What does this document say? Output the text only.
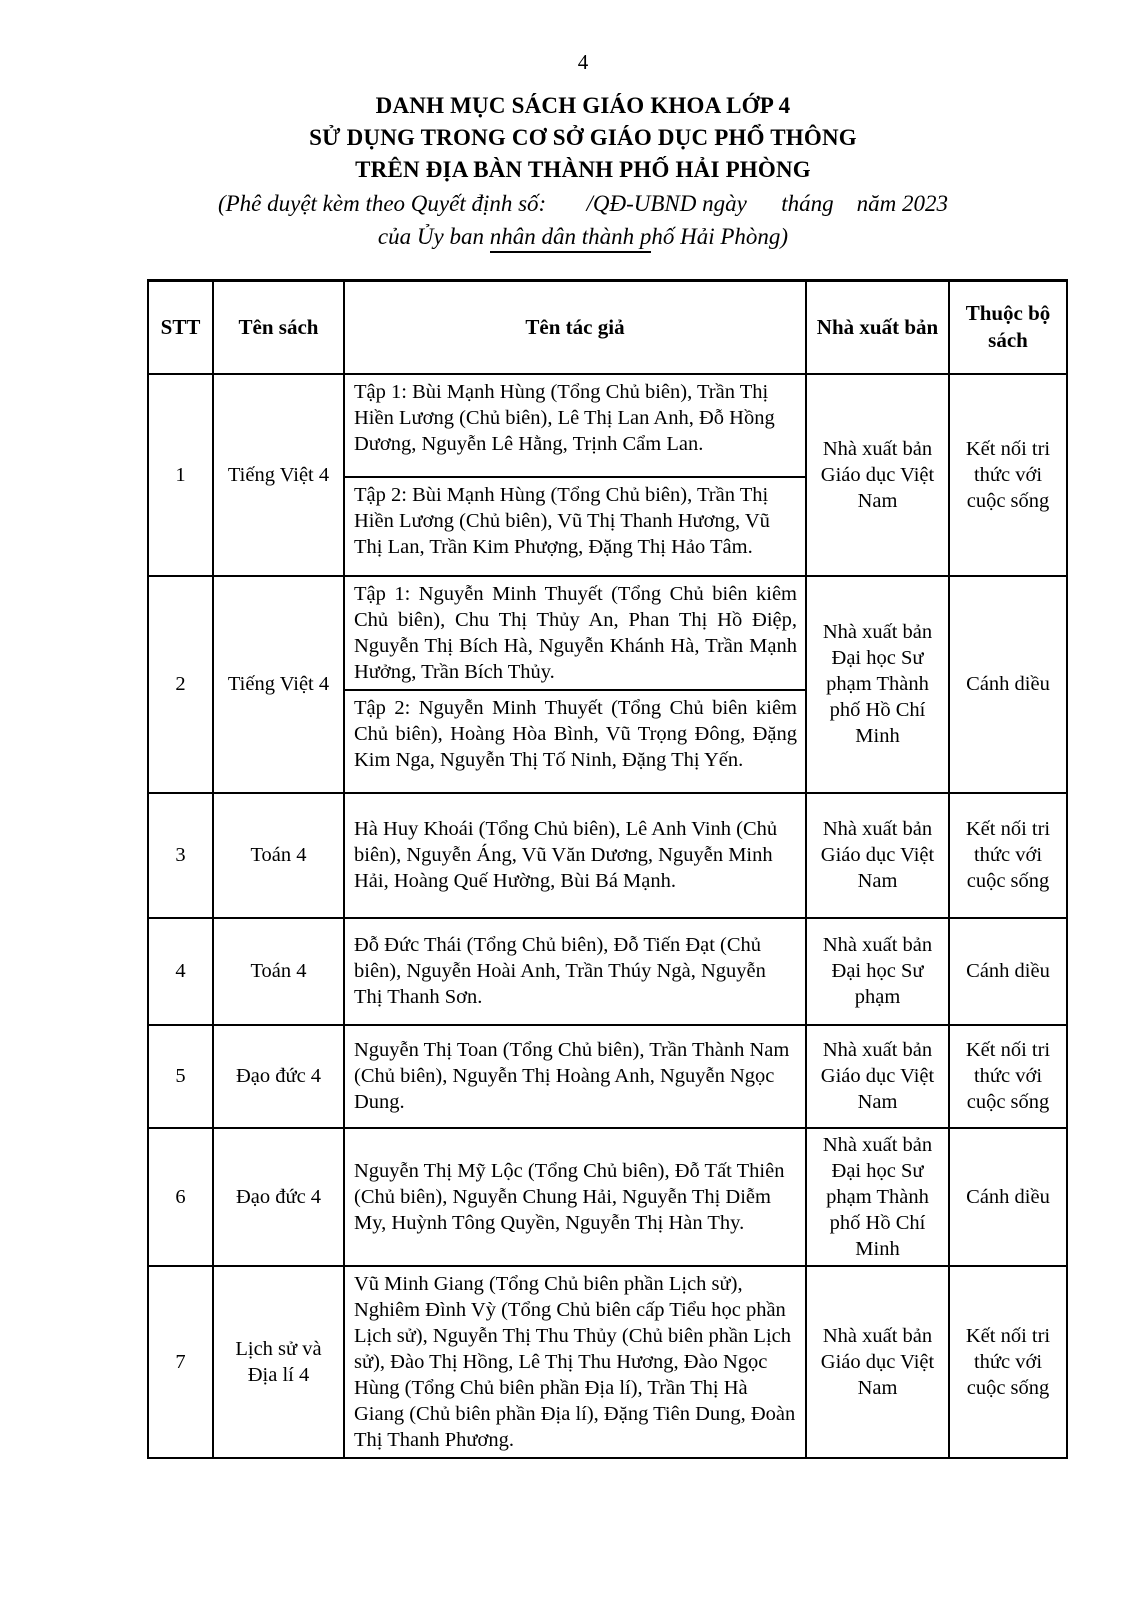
4
DANH MỤC SÁCH GIÁO KHOA LỚP 4
SỬ DỤNG TRONG CƠ SỞ GIÁO DỤC PHỔ THÔNG
TRÊN ĐỊA BÀN THÀNH PHỐ HẢI PHÒNG
(Phê duyệt kèm theo Quyết định số:       /QĐ-UBND ngày      tháng    năm 2023
của Ủy ban nhân dân thành phố Hải Phòng)
STT	Tên sách	Tên tác giả	Nhà xuất bản	Thuộc bộ sách
1	Tiếng Việt 4	Tập 1: Bùi Mạnh Hùng (Tổng Chủ biên), Trần Thị Hiền Lương (Chủ biên), Lê Thị Lan Anh, Đỗ Hồng Dương, Nguyễn Lê Hằng, Trịnh Cẩm Lan.
Tập 2: Bùi Mạnh Hùng (Tổng Chủ biên), Trần Thị Hiền Lương (Chủ biên), Vũ Thị Thanh Hương, Vũ Thị Lan, Trần Kim Phượng, Đặng Thị Hảo Tâm.	Nhà xuất bản Giáo dục Việt Nam	Kết nối tri thức với cuộc sống
2	Tiếng Việt 4	Tập 1: Nguyễn Minh Thuyết (Tổng Chủ biên kiêm Chủ biên), Chu Thị Thủy An, Phan Thị Hồ Điệp, Nguyễn Thị Bích Hà, Nguyễn Khánh Hà, Trần Mạnh Hưởng, Trần Bích Thủy.
Tập 2: Nguyễn Minh Thuyết (Tổng Chủ biên kiêm Chủ biên), Hoàng Hòa Bình, Vũ Trọng Đông, Đặng Kim Nga, Nguyễn Thị Tố Ninh, Đặng Thị Yến.	Nhà xuất bản Đại học Sư phạm Thành phố Hồ Chí Minh	Cánh diều
3	Toán 4	Hà Huy Khoái (Tổng Chủ biên), Lê Anh Vinh (Chủ biên), Nguyễn Áng, Vũ Văn Dương, Nguyễn Minh Hải, Hoàng Quế Hường, Bùi Bá Mạnh.	Nhà xuất bản Giáo dục Việt Nam	Kết nối tri thức với cuộc sống
4	Toán 4	Đỗ Đức Thái (Tổng Chủ biên), Đỗ Tiến Đạt (Chủ biên), Nguyễn Hoài Anh, Trần Thúy Ngà, Nguyễn Thị Thanh Sơn.	Nhà xuất bản Đại học Sư phạm	Cánh diều
5	Đạo đức 4	Nguyễn Thị Toan (Tổng Chủ biên), Trần Thành Nam (Chủ biên), Nguyễn Thị Hoàng Anh, Nguyễn Ngọc Dung.	Nhà xuất bản Giáo dục Việt Nam	Kết nối tri thức với cuộc sống
6	Đạo đức 4	Nguyễn Thị Mỹ Lộc (Tổng Chủ biên), Đỗ Tất Thiên (Chủ biên), Nguyễn Chung Hải, Nguyễn Thị Diễm My, Huỳnh Tông Quyền, Nguyễn Thị Hàn Thy.	Nhà xuất bản Đại học Sư phạm Thành phố Hồ Chí Minh	Cánh diều
7	Lịch sử và Địa lí 4	Vũ Minh Giang (Tổng Chủ biên phần Lịch sử), Nghiêm Đình Vỳ (Tổng Chủ biên cấp Tiểu học phần Lịch sử), Nguyễn Thị Thu Thủy (Chủ biên phần Lịch sử), Đào Thị Hồng, Lê Thị Thu Hương, Đào Ngọc Hùng (Tổng Chủ biên phần Địa lí), Trần Thị Hà Giang (Chủ biên phần Địa lí), Đặng Tiên Dung, Đoàn Thị Thanh Phương.	Nhà xuất bản Giáo dục Việt Nam	Kết nối tri thức với cuộc sống
